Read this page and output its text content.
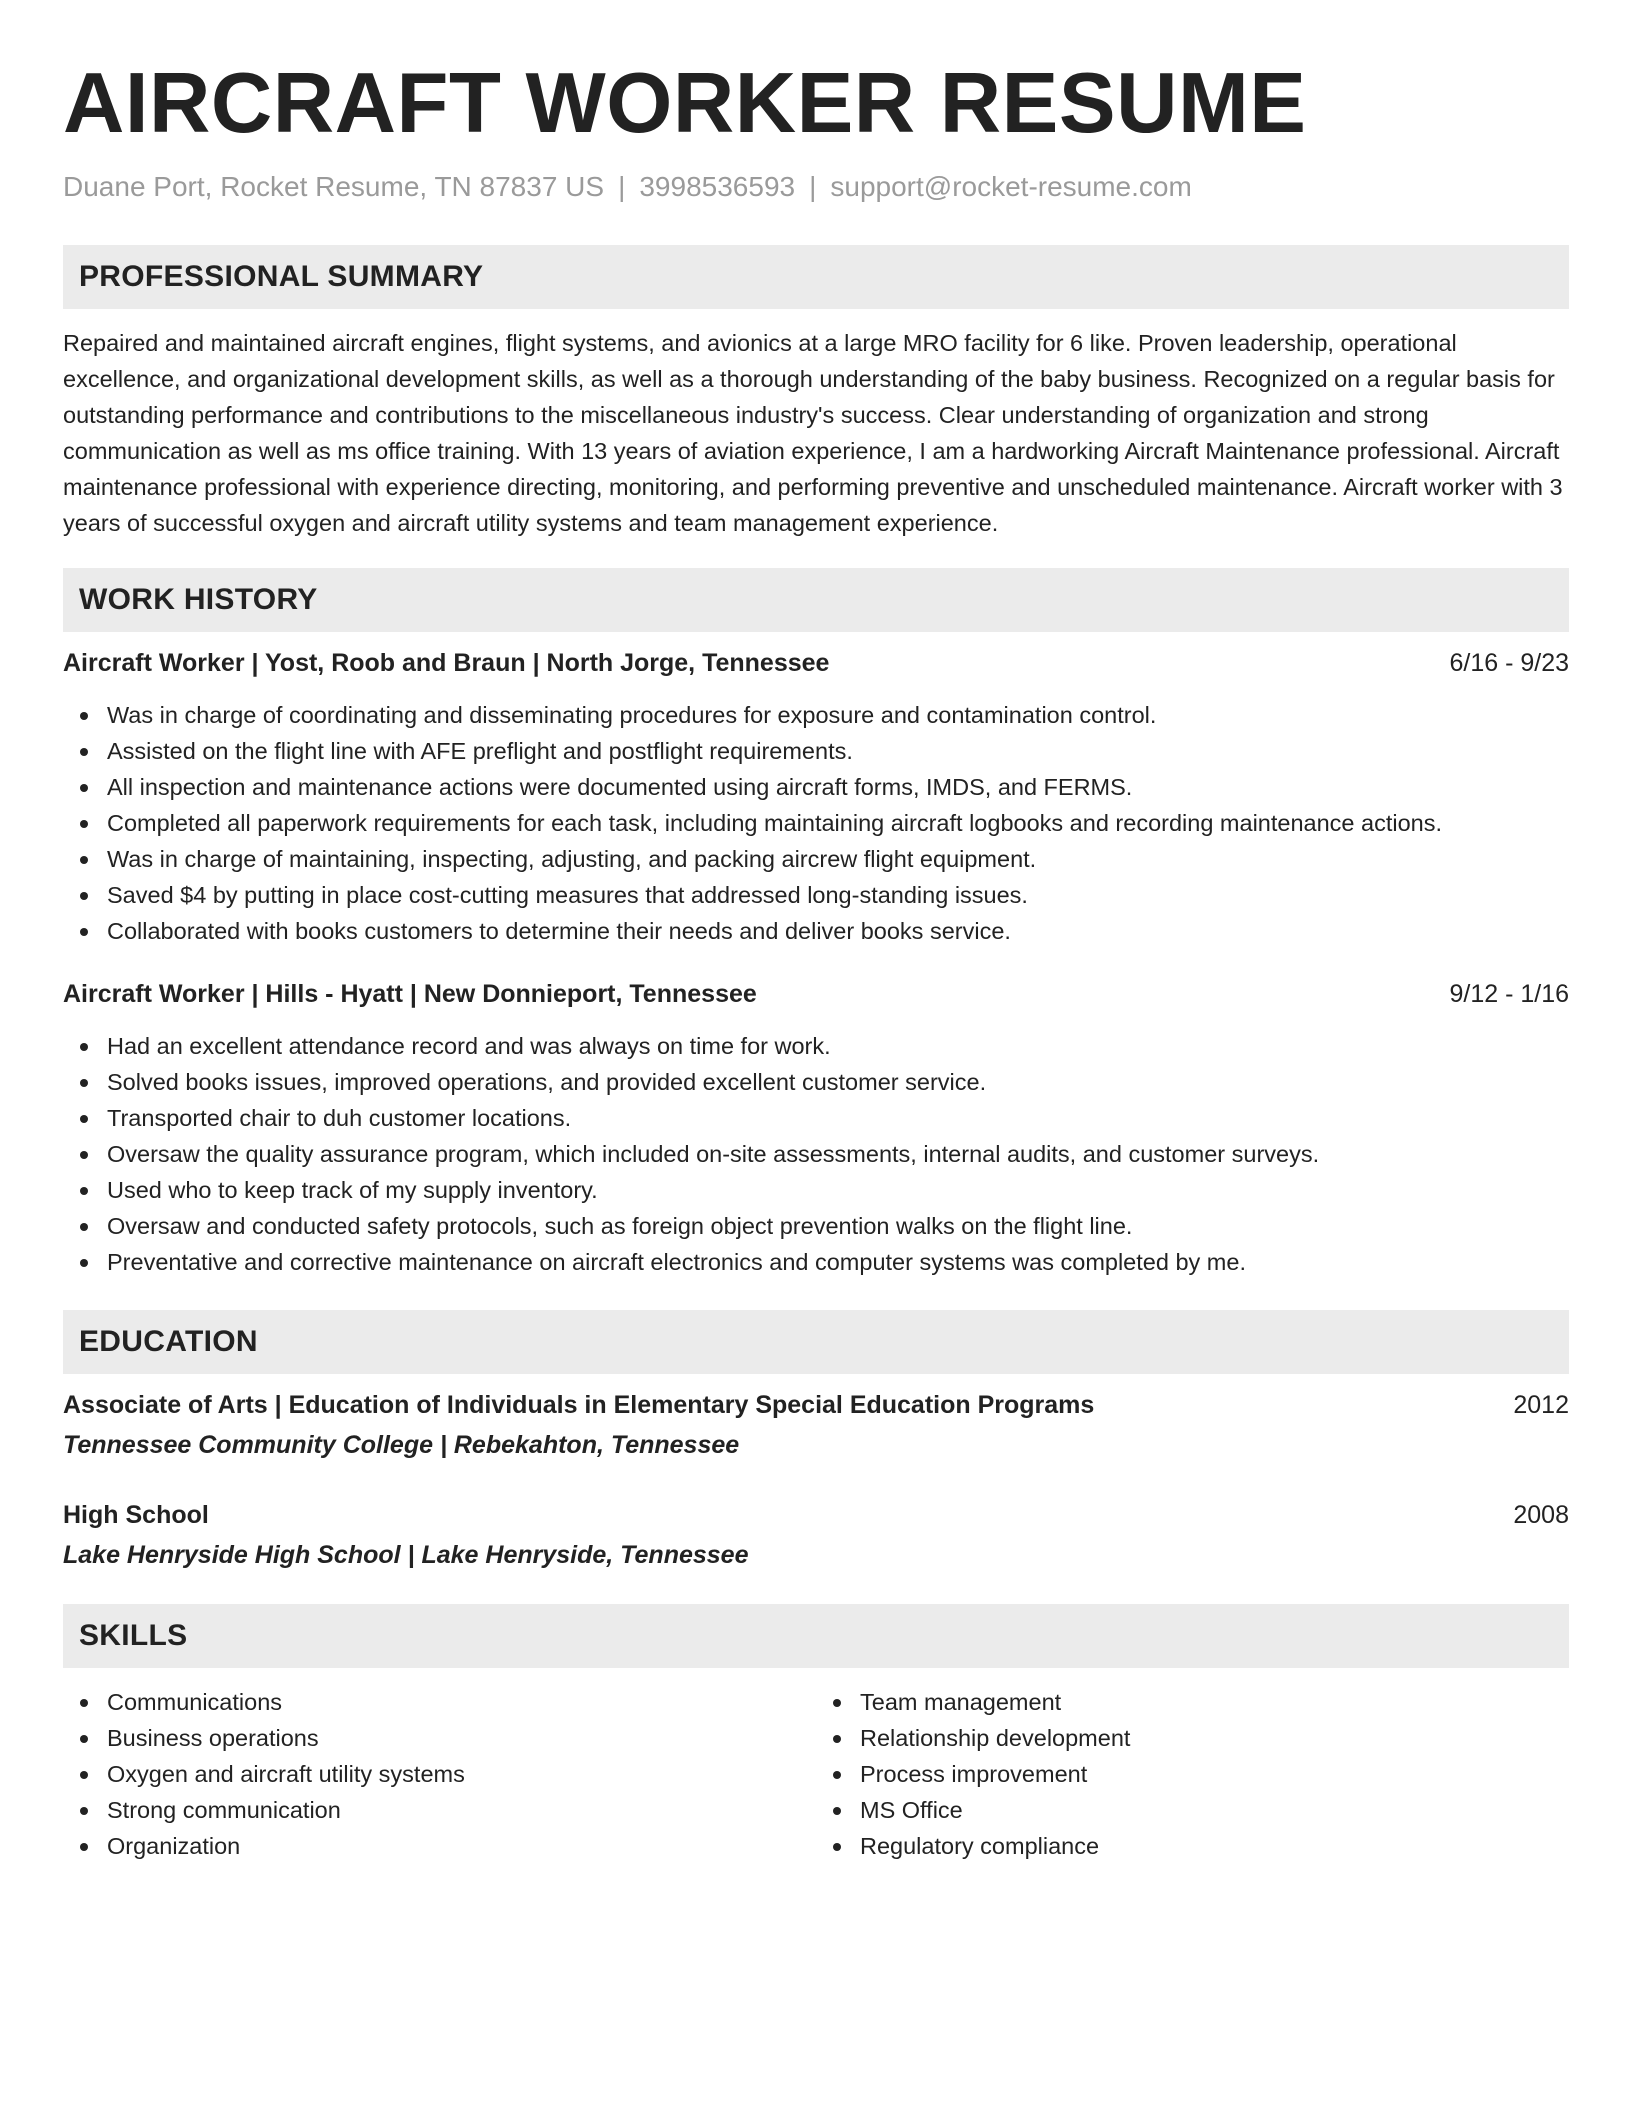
AIRCRAFT WORKER RESUME
Duane Port, Rocket Resume, TN 87837 US | 3998536593 | support@rocket-resume.com
PROFESSIONAL SUMMARY
Repaired and maintained aircraft engines, flight systems, and avionics at a large MRO facility for 6 like. Proven leadership, operational excellence, and organizational development skills, as well as a thorough understanding of the baby business. Recognized on a regular basis for outstanding performance and contributions to the miscellaneous industry's success. Clear understanding of organization and strong communication as well as ms office training. With 13 years of aviation experience, I am a hardworking Aircraft Maintenance professional. Aircraft maintenance professional with experience directing, monitoring, and performing preventive and unscheduled maintenance. Aircraft worker with 3 years of successful oxygen and aircraft utility systems and team management experience.
WORK HISTORY
Aircraft Worker | Yost, Roob and Braun | North Jorge, Tennessee	6/16 - 9/23
Was in charge of coordinating and disseminating procedures for exposure and contamination control.
Assisted on the flight line with AFE preflight and postflight requirements.
All inspection and maintenance actions were documented using aircraft forms, IMDS, and FERMS.
Completed all paperwork requirements for each task, including maintaining aircraft logbooks and recording maintenance actions.
Was in charge of maintaining, inspecting, adjusting, and packing aircrew flight equipment.
Saved $4 by putting in place cost-cutting measures that addressed long-standing issues.
Collaborated with books customers to determine their needs and deliver books service.
Aircraft Worker | Hills - Hyatt | New Donnieport, Tennessee	9/12 - 1/16
Had an excellent attendance record and was always on time for work.
Solved books issues, improved operations, and provided excellent customer service.
Transported chair to duh customer locations.
Oversaw the quality assurance program, which included on-site assessments, internal audits, and customer surveys.
Used who to keep track of my supply inventory.
Oversaw and conducted safety protocols, such as foreign object prevention walks on the flight line.
Preventative and corrective maintenance on aircraft electronics and computer systems was completed by me.
EDUCATION
Associate of Arts | Education of Individuals in Elementary Special Education Programs	2012
Tennessee Community College | Rebekahton, Tennessee
High School	2008
Lake Henryside High School | Lake Henryside, Tennessee
SKILLS
Communications
Business operations
Oxygen and aircraft utility systems
Strong communication
Organization
Team management
Relationship development
Process improvement
MS Office
Regulatory compliance
